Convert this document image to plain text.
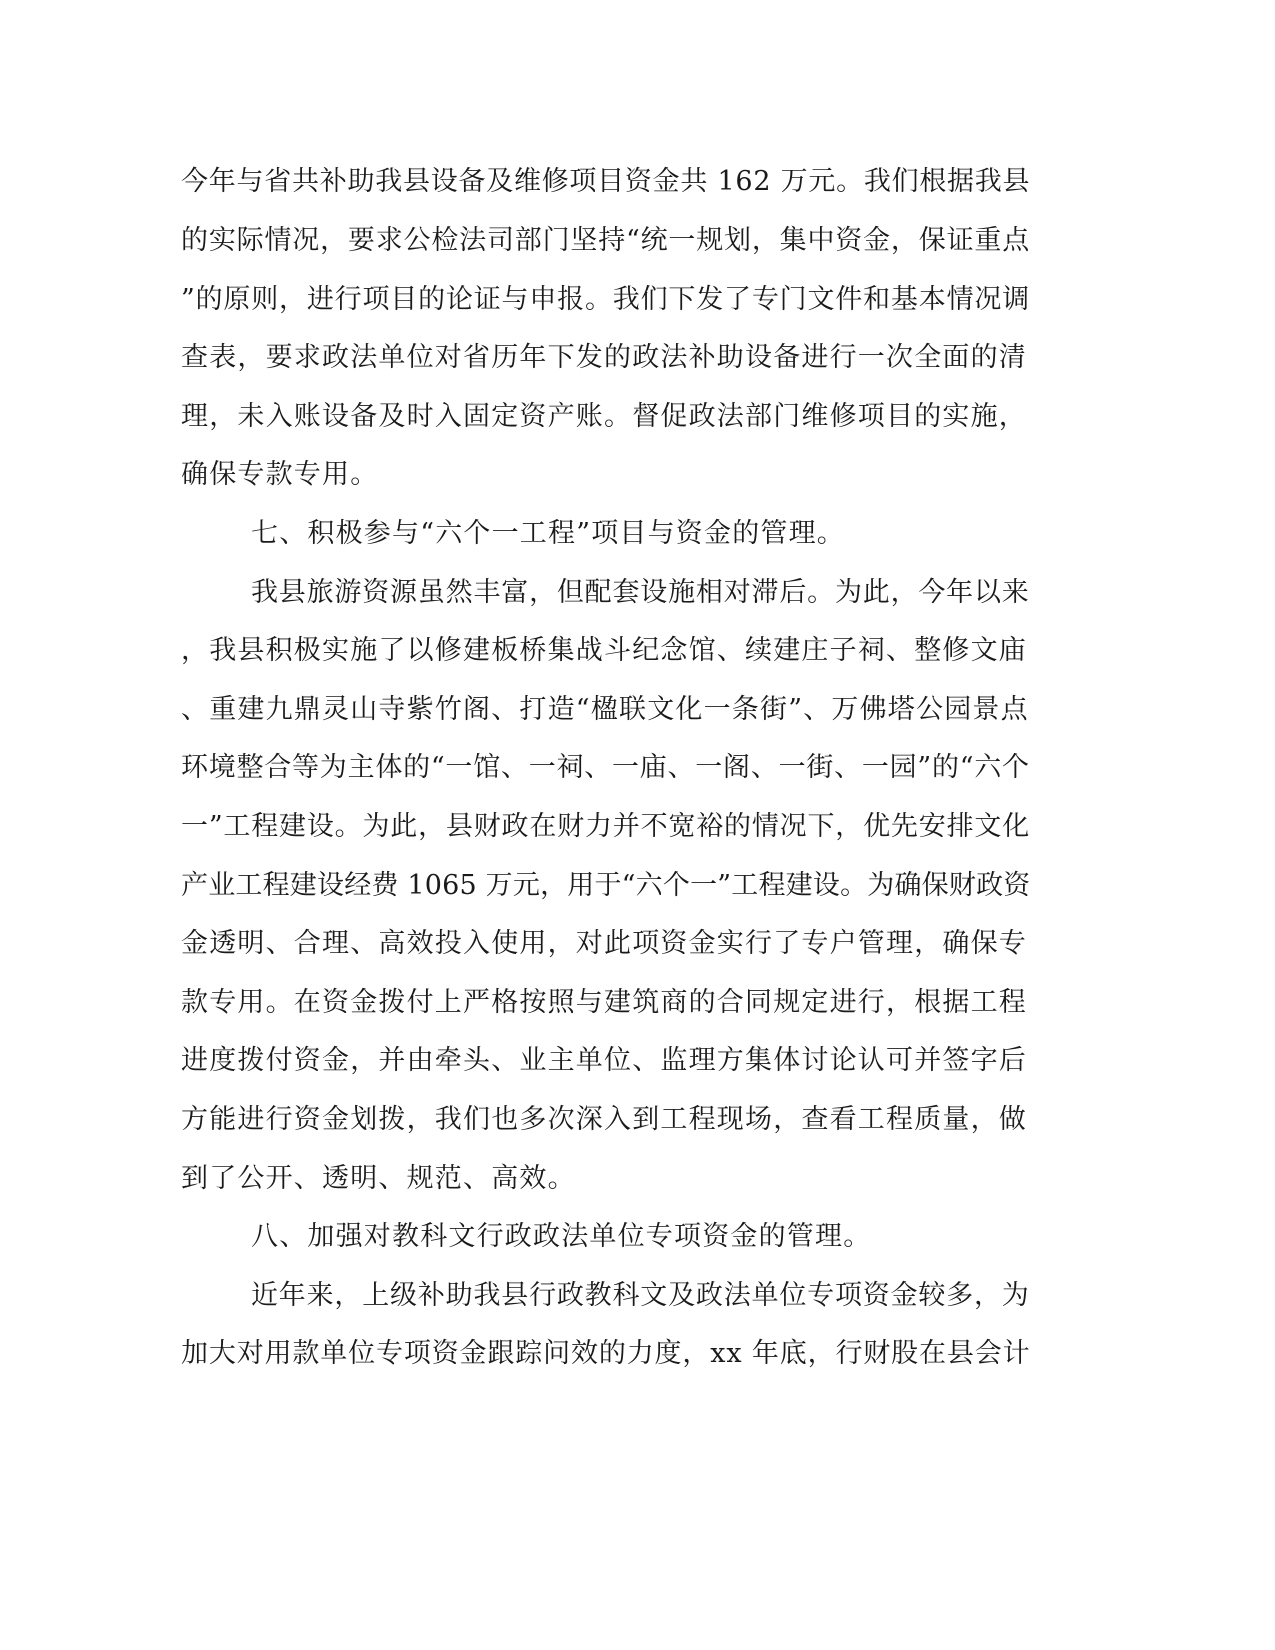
今年与省共补助我县设备及维修项目资金共 162 万元。我们根据我县
的实际情况，要求公检法司部门坚持“统一规划，集中资金，保证重点
”的原则，进行项目的论证与申报。我们下发了专门文件和基本情况调
查表，要求政法单位对省历年下发的政法补助设备进行一次全面的清
理，未入账设备及时入固定资产账。督促政法部门维修项目的实施，
确保专款专用。
七、积极参与“六个一工程”项目与资金的管理。
我县旅游资源虽然丰富，但配套设施相对滞后。为此，今年以来
，我县积极实施了以修建板桥集战斗纪念馆、续建庄子祠、整修文庙
、重建九鼎灵山寺紫竹阁、打造“楹联文化一条街”、万佛塔公园景点
环境整合等为主体的“一馆、一祠、一庙、一阁、一街、一园”的“六个
一”工程建设。为此，县财政在财力并不宽裕的情况下，优先安排文化
产业工程建设经费 1065 万元，用于“六个一”工程建设。为确保财政资
金透明、合理、高效投入使用，对此项资金实行了专户管理，确保专
款专用。在资金拨付上严格按照与建筑商的合同规定进行，根据工程
进度拨付资金，并由牵头、业主单位、监理方集体讨论认可并签字后
方能进行资金划拨，我们也多次深入到工程现场，查看工程质量，做
到了公开、透明、规范、高效。
八、加强对教科文行政政法单位专项资金的管理。
近年来，上级补助我县行政教科文及政法单位专项资金较多，为
加大对用款单位专项资金跟踪问效的力度，xx 年底，行财股在县会计
